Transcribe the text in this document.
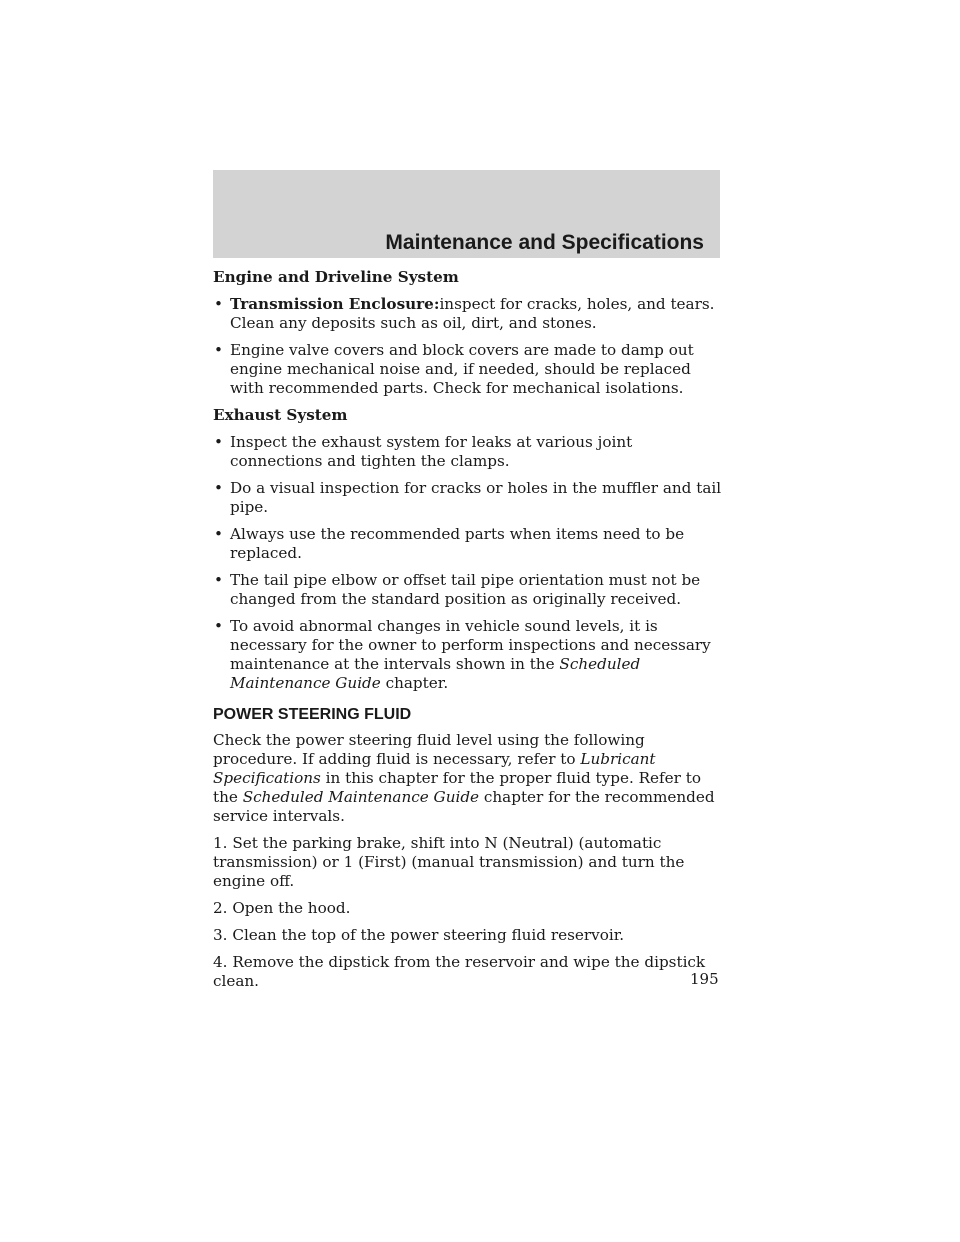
Maintenance and Specifications

Engine and Driveline System

• Transmission Enclosure:inspect for cracks, holes, and tears. Clean any deposits such as oil, dirt, and stones.
• Engine valve covers and block covers are made to damp out engine mechanical noise and, if needed, should be replaced with recommended parts. Check for mechanical isolations.

Exhaust System

• Inspect the exhaust system for leaks at various joint connections and tighten the clamps.
• Do a visual inspection for cracks or holes in the muffler and tail pipe.
• Always use the recommended parts when items need to be replaced.
• The tail pipe elbow or offset tail pipe orientation must not be changed from the standard position as originally received.
• To avoid abnormal changes in vehicle sound levels, it is necessary for the owner to perform inspections and necessary maintenance at the intervals shown in the Scheduled Maintenance Guide chapter.
POWER STEERING FLUID

Check the power steering fluid level using the following procedure. If adding fluid is necessary, refer to Lubricant Specifications in this chapter for the proper fluid type. Refer to the Scheduled Maintenance Guide chapter for the recommended service intervals.

1. Set the parking brake, shift into N (Neutral) (automatic transmission) or 1 (First) (manual transmission) and turn the engine off.

2. Open the hood.

3. Clean the top of the power steering fluid reservoir.

4. Remove the dipstick from the reservoir and wipe the dipstick clean.	195
